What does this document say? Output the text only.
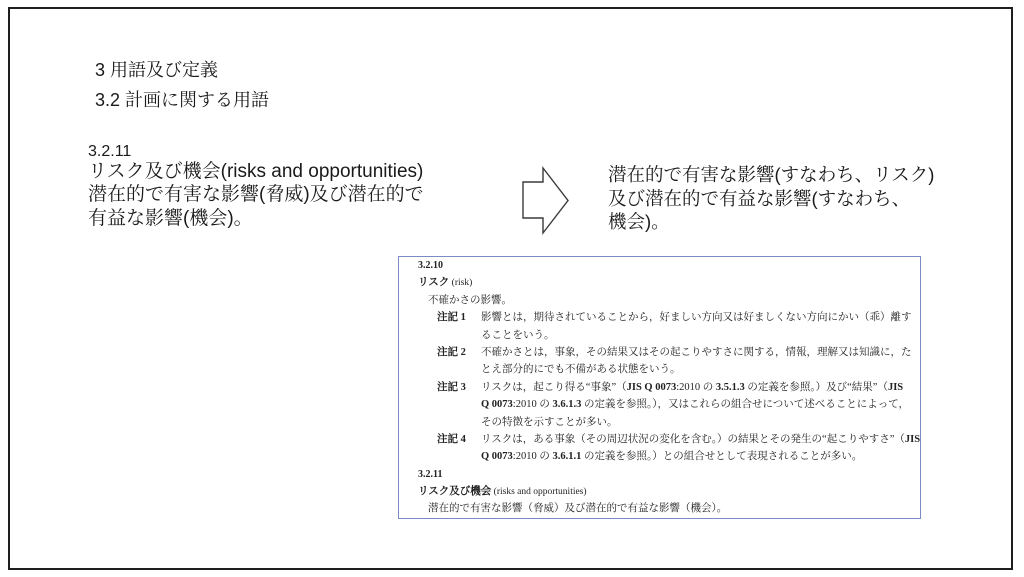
3 用語及び定義
3.2 計画に関する用語
3.2.11
リスク及び機会(risks and opportunities)
潜在的で有害な影響(脅威)及び潜在的で
有益な影響(機会)。
潜在的で有害な影響(すなわち、リスク)
及び潜在的で有益な影響(すなわち、
機会)。
3.2.10
リスク (risk)
不確かさの影響。
注記 1	影響とは，期待されていることから，好ましい方向又は好ましくない方向にかい（乖）離す
ることをいう。
注記 2	不確かさとは，事象，その結果又はその起こりやすさに関する，情報，理解又は知識に，た
とえ部分的にでも不備がある状態をいう。
注記 3	リスクは，起こり得る“事象”（JIS Q 0073:2010 の 3.5.1.3 の定義を参照。）及び“結果”（JIS
Q 0073:2010 の 3.6.1.3 の定義を参照。），又はこれらの組合せについて述べることによって，
その特徴を示すことが多い。
注記 4	リスクは，ある事象（その周辺状況の変化を含む。）の結果とその発生の“起こりやすさ”（JIS
Q 0073:2010 の 3.6.1.1 の定義を参照。）との組合せとして表現されることが多い。
3.2.11
リスク及び機会 (risks and opportunities)
潜在的で有害な影響（脅威）及び潜在的で有益な影響（機会）。
